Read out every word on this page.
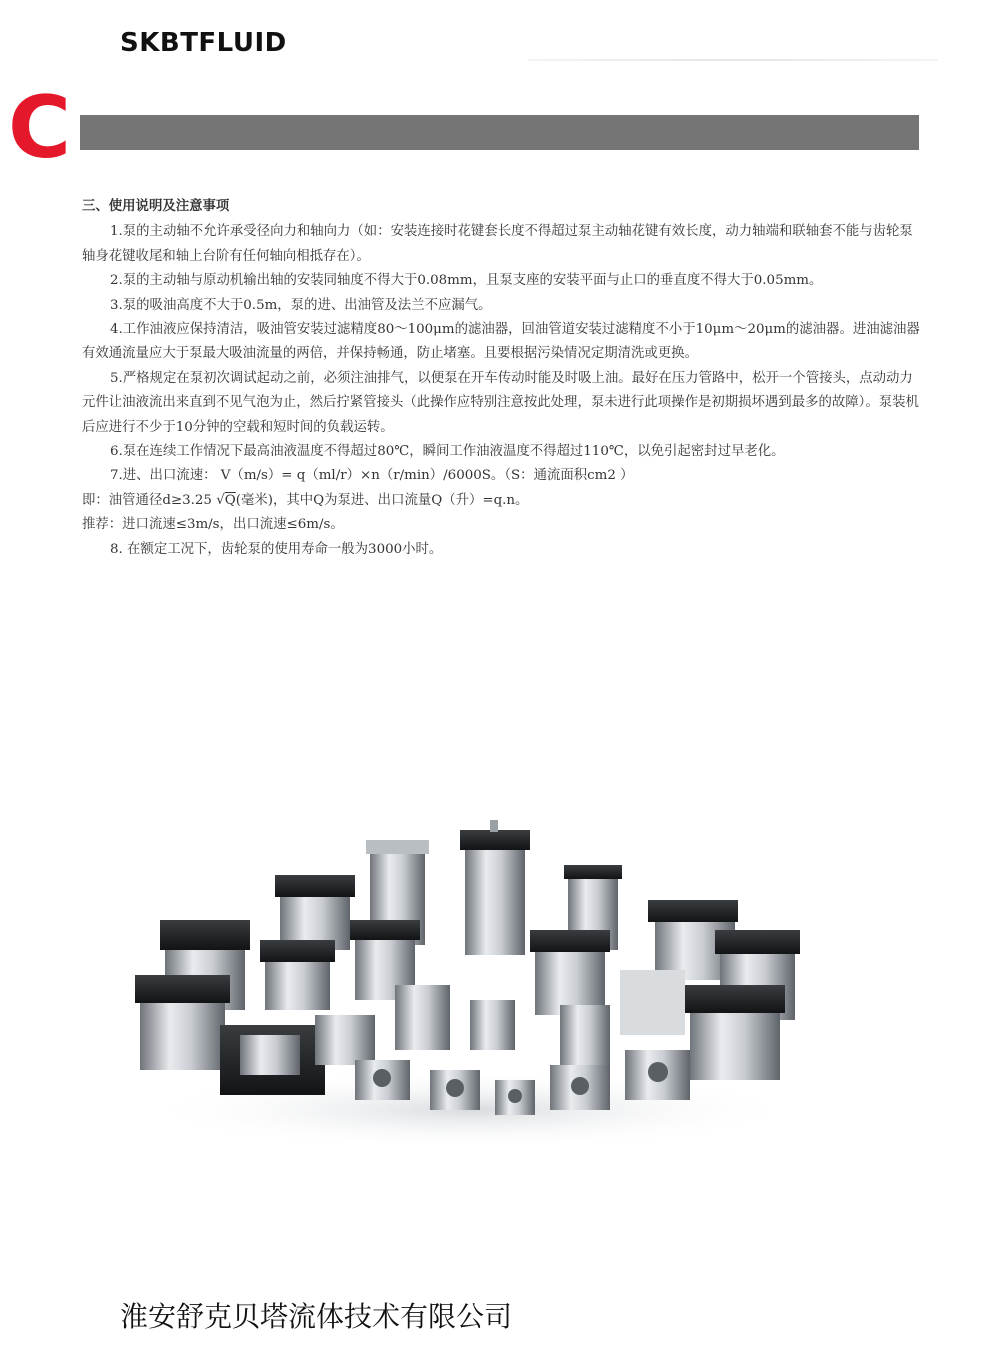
SKBTFLUID
C

三、使用说明及注意事项

1.泵的主动轴不允许承受径向力和轴向力（如：安装连接时花键套长度不得超过泵主动轴花键有效长度，动力轴端和联轴套不能与齿轮泵轴身花键收尾和轴上台阶有任何轴向相抵存在）。

2.泵的主动轴与原动机输出轴的安装同轴度不得大于0.08mm，且泵支座的安装平面与止口的垂直度不得大于0.05mm。

3.泵的吸油高度不大于0.5m，泵的进、出油管及法兰不应漏气。

4.工作油液应保持清洁，吸油管安装过滤精度80～100μm的滤油器，回油管道安装过滤精度不小于10μm～20μm的滤油器。进油滤油器有效通流量应大于泵最大吸油流量的两倍，并保持畅通，防止堵塞。且要根据污染情况定期清洗或更换。

5.严格规定在泵初次调试起动之前，必须注油排气，以便泵在开车传动时能及时吸上油。最好在压力管路中，松开一个管接头，点动动力元件让油液流出来直到不见气泡为止，然后拧紧管接头（此操作应特别注意按此处理，泵未进行此项操作是初期损坏遇到最多的故障）。泵装机后应进行不少于10分钟的空载和短时间的负载运转。

6.泵在连续工作情况下最高油液温度不得超过80℃，瞬间工作油液温度不得超过110℃，以免引起密封过早老化。

7.进、出口流速： V（m/s）= q（ml/r）×n（r/min）/6000S。（S：通流面积cm2 ）

即：油管通径d≥3.25 √Q(毫米)，其中Q为泵进、出口流量Q（升）=q.n。

推荐：进口流速≤3m/s，出口流速≤6m/s。

8. 在额定工况下，齿轮泵的使用寿命一般为3000小时。

淮安舒克贝塔流体技术有限公司
